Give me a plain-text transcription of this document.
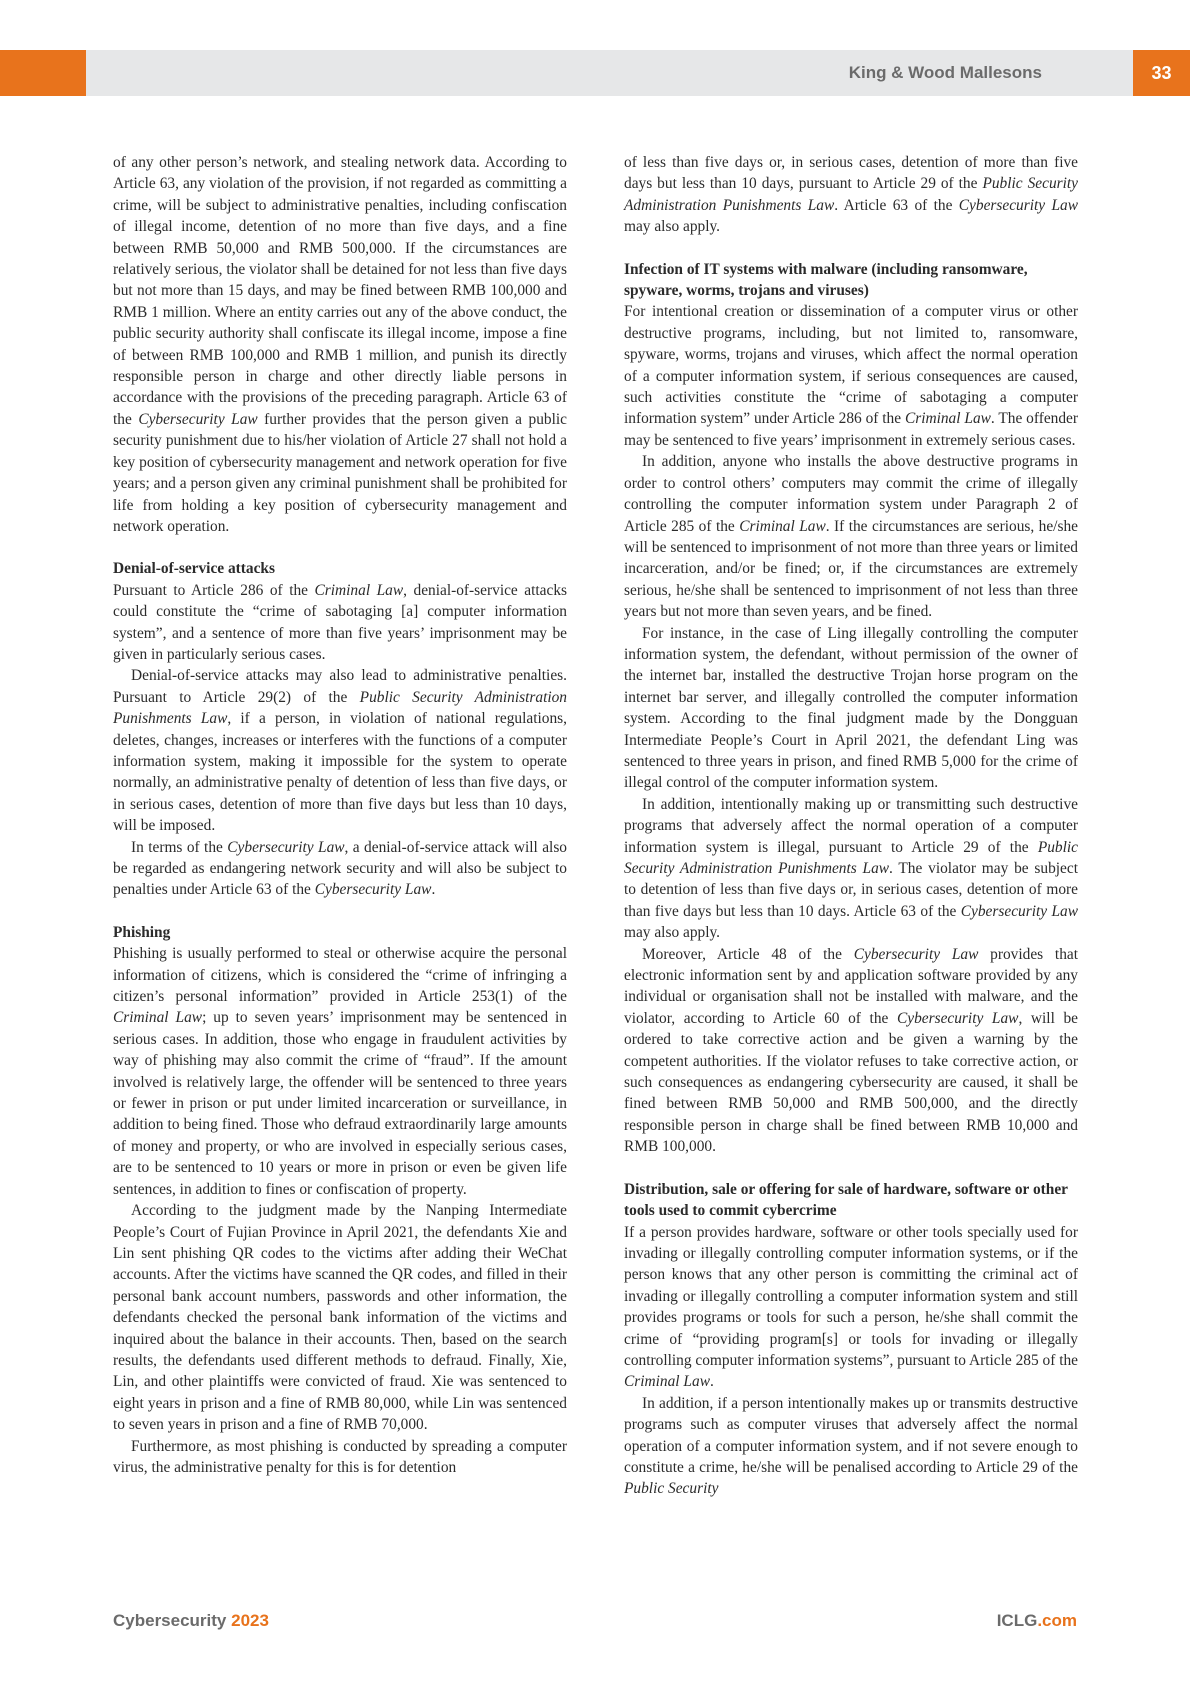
King & Wood Mallesons	33

of any other person’s network, and stealing network data. According to Article 63, any violation of the provision, if not regarded as committing a crime, will be subject to administrative penalties, including confiscation of illegal income, detention of no more than five days, and a fine between RMB 50,000 and RMB 500,000. If the circumstances are relatively serious, the violator shall be detained for not less than five days but not more than 15 days, and may be fined between RMB 100,000 and RMB 1 million. Where an entity carries out any of the above conduct, the public security authority shall confiscate its illegal income, impose a fine of between RMB 100,000 and RMB 1 million, and punish its directly responsible person in charge and other directly liable persons in accordance with the provisions of the preceding paragraph. Article 63 of the Cybersecurity Law further provides that the person given a public security punishment due to his/her violation of Article 27 shall not hold a key position of cybersecurity management and network operation for five years; and a person given any criminal punishment shall be prohibited for life from holding a key position of cybersecurity management and network operation.

Denial-of-service attacks

Pursuant to Article 286 of the Criminal Law, denial-of-service attacks could constitute the “crime of sabotaging [a] computer information system”, and a sentence of more than five years’ imprisonment may be given in particularly serious cases.

Denial-of-service attacks may also lead to administrative penalties. Pursuant to Article 29(2) of the Public Security Administration Punishments Law, if a person, in violation of national regulations, deletes, changes, increases or interferes with the functions of a computer information system, making it impossible for the system to operate normally, an administrative penalty of detention of less than five days, or in serious cases, detention of more than five days but less than 10 days, will be imposed.

In terms of the Cybersecurity Law, a denial-of-service attack will also be regarded as endangering network security and will also be subject to penalties under Article 63 of the Cybersecurity Law.

Phishing

Phishing is usually performed to steal or otherwise acquire the personal information of citizens, which is considered the “crime of infringing a citizen’s personal information” provided in Article 253(1) of the Criminal Law; up to seven years’ imprisonment may be sentenced in serious cases. In addition, those who engage in fraudulent activities by way of phishing may also commit the crime of “fraud”. If the amount involved is relatively large, the offender will be sentenced to three years or fewer in prison or put under limited incarceration or surveillance, in addition to being fined. Those who defraud extraordinarily large amounts of money and property, or who are involved in especially serious cases, are to be sentenced to 10 years or more in prison or even be given life sentences, in addition to fines or confiscation of property.

According to the judgment made by the Nanping Intermediate People’s Court of Fujian Province in April 2021, the defendants Xie and Lin sent phishing QR codes to the victims after adding their WeChat accounts. After the victims have scanned the QR codes, and filled in their personal bank account numbers, passwords and other information, the defendants checked the personal bank information of the victims and inquired about the balance in their accounts. Then, based on the search results, the defendants used different methods to defraud. Finally, Xie, Lin, and other plaintiffs were convicted of fraud. Xie was sentenced to eight years in prison and a fine of RMB 80,000, while Lin was sentenced to seven years in prison and a fine of RMB 70,000.

Furthermore, as most phishing is conducted by spreading a computer virus, the administrative penalty for this is for detention

of less than five days or, in serious cases, detention of more than five days but less than 10 days, pursuant to Article 29 of the Public Security Administration Punishments Law. Article 63 of the Cybersecurity Law may also apply.

Infection of IT systems with malware (including ransomware, spyware, worms, trojans and viruses)

For intentional creation or dissemination of a computer virus or other destructive programs, including, but not limited to, ransomware, spyware, worms, trojans and viruses, which affect the normal operation of a computer information system, if serious consequences are caused, such activities constitute the “crime of sabotaging a computer information system” under Article 286 of the Criminal Law. The offender may be sentenced to five years’ imprisonment in extremely serious cases.

In addition, anyone who installs the above destructive programs in order to control others’ computers may commit the crime of illegally controlling the computer information system under Paragraph 2 of Article 285 of the Criminal Law. If the circumstances are serious, he/she will be sentenced to imprisonment of not more than three years or limited incarceration, and/or be fined; or, if the circumstances are extremely serious, he/she shall be sentenced to imprisonment of not less than three years but not more than seven years, and be fined.

For instance, in the case of Ling illegally controlling the computer information system, the defendant, without permission of the owner of the internet bar, installed the destructive Trojan horse program on the internet bar server, and illegally controlled the computer information system. According to the final judgment made by the Dongguan Intermediate People’s Court in April 2021, the defendant Ling was sentenced to three years in prison, and fined RMB 5,000 for the crime of illegal control of the computer information system.

In addition, intentionally making up or transmitting such destructive programs that adversely affect the normal operation of a computer information system is illegal, pursuant to Article 29 of the Public Security Administration Punishments Law. The violator may be subject to detention of less than five days or, in serious cases, detention of more than five days but less than 10 days. Article 63 of the Cybersecurity Law may also apply.

Moreover, Article 48 of the Cybersecurity Law provides that electronic information sent by and application software provided by any individual or organisation shall not be installed with malware, and the violator, according to Article 60 of the Cybersecurity Law, will be ordered to take corrective action and be given a warning by the competent authorities. If the violator refuses to take corrective action, or such consequences as endangering cybersecurity are caused, it shall be fined between RMB 50,000 and RMB 500,000, and the directly responsible person in charge shall be fined between RMB 10,000 and RMB 100,000.

Distribution, sale or offering for sale of hardware, software or other tools used to commit cybercrime

If a person provides hardware, software or other tools specially used for invading or illegally controlling computer information systems, or if the person knows that any other person is committing the criminal act of invading or illegally controlling a computer information system and still provides programs or tools for such a person, he/she shall commit the crime of “providing program[s] or tools for invading or illegally controlling computer information systems”, pursuant to Article 285 of the Criminal Law.

In addition, if a person intentionally makes up or transmits destructive programs such as computer viruses that adversely affect the normal operation of a computer information system, and if not severe enough to constitute a crime, he/she will be penalised according to Article 29 of the Public Security

Cybersecurity 2023	ICLG.com
